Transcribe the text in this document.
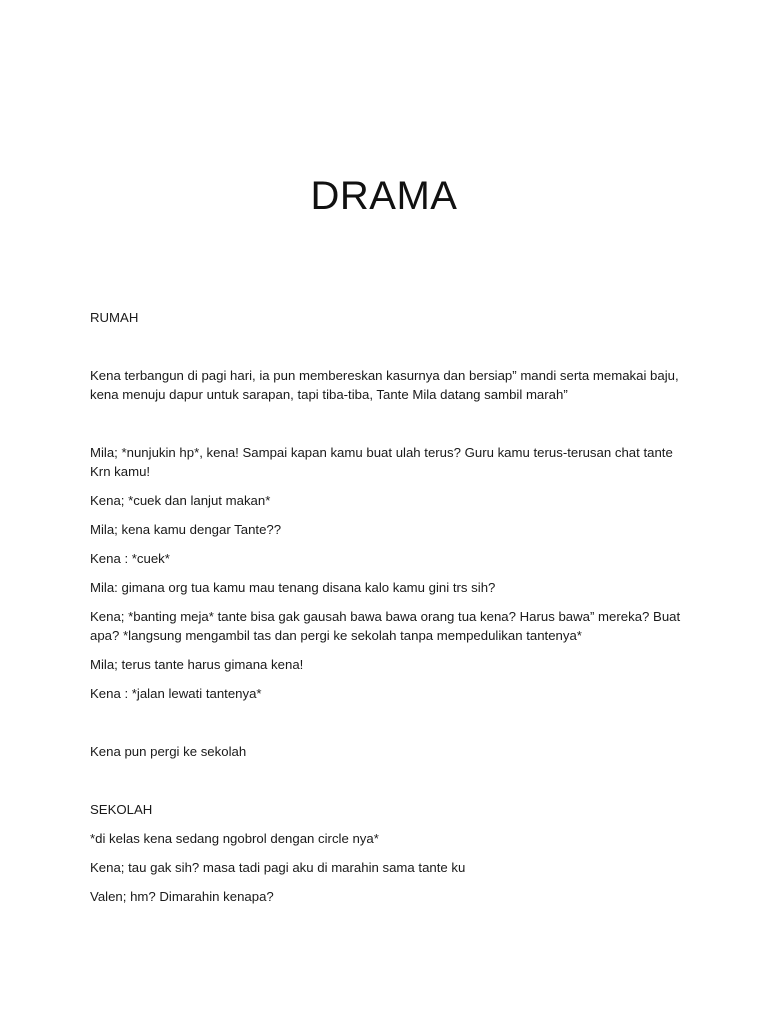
DRAMA
RUMAH
Kena terbangun di pagi hari, ia pun membereskan kasurnya dan bersiap” mandi serta memakai baju,
kena menuju dapur untuk sarapan, tapi tiba-tiba, Tante Mila datang sambil marah”
Mila; *nunjukin hp*, kena! Sampai kapan kamu buat ulah terus? Guru kamu terus-terusan chat tante
Krn kamu!
Kena; *cuek dan lanjut makan*
Mila; kena kamu dengar Tante??
Kena : *cuek*
Mila: gimana org tua kamu mau tenang disana kalo kamu gini trs sih?
Kena; *banting meja* tante bisa gak gausah bawa bawa orang tua kena? Harus bawa” mereka? Buat
apa? *langsung mengambil tas dan pergi ke sekolah tanpa mempedulikan tantenya*
Mila; terus tante harus gimana kena!
Kena : *jalan lewati tantenya*
Kena pun pergi ke sekolah
SEKOLAH
*di kelas kena sedang ngobrol dengan circle nya*
Kena; tau gak sih? masa tadi pagi aku di marahin sama tante ku
Valen; hm? Dimarahin kenapa?
